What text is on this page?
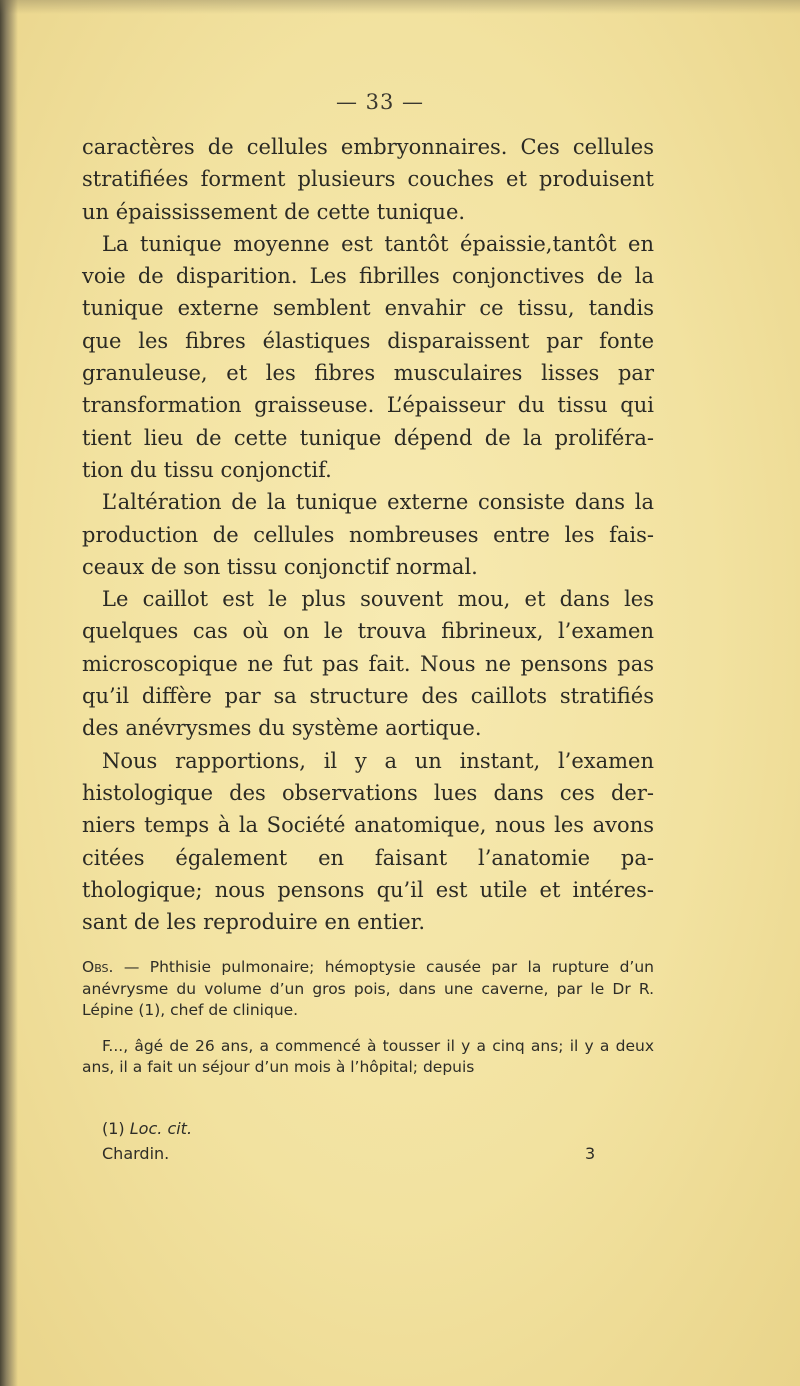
— 33 —

caractères de cellules embryonnaires. Ces cellules stratifiées forment plusieurs couches et produisent un épaississement de cette tunique.

La tunique moyenne est tantôt épaissie,tantôt en voie de disparition. Les fibrilles conjonctives de la tunique externe semblent envahir ce tissu, tandis que les fibres élastiques disparaissent par fonte granuleuse, et les fibres musculaires lisses par transformation graisseuse. L’épaisseur du tissu qui tient lieu de cette tunique dépend de la proliféra- tion du tissu conjonctif.

L’altération de la tunique externe consiste dans la production de cellules nombreuses entre les fais- ceaux de son tissu conjonctif normal.

Le caillot est le plus souvent mou, et dans les quelques cas où on le trouva fibrineux, l’examen microscopique ne fut pas fait. Nous ne pensons pas qu’il diffère par sa structure des caillots stratifiés des anévrysmes du système aortique.

Nous rapportions, il y a un instant, l’examen histologique des observations lues dans ces der- niers temps à la Société anatomique, nous les avons citées également en faisant l’anatomie pa- thologique; nous pensons qu’il est utile et intéres- sant de les reproduire en entier.

Obs. — Phthisie pulmonaire; hémoptysie causée par la rupture d’un anévrysme du volume d’un gros pois, dans une caverne, par le Dr R. Lépine (1), chef de clinique.

F..., âgé de 26 ans, a commencé à tousser il y a cinq ans; il y a deux ans, il a fait un séjour d’un mois à l’hôpital; depuis

(1) Loc. cit.
Chardin.	3
